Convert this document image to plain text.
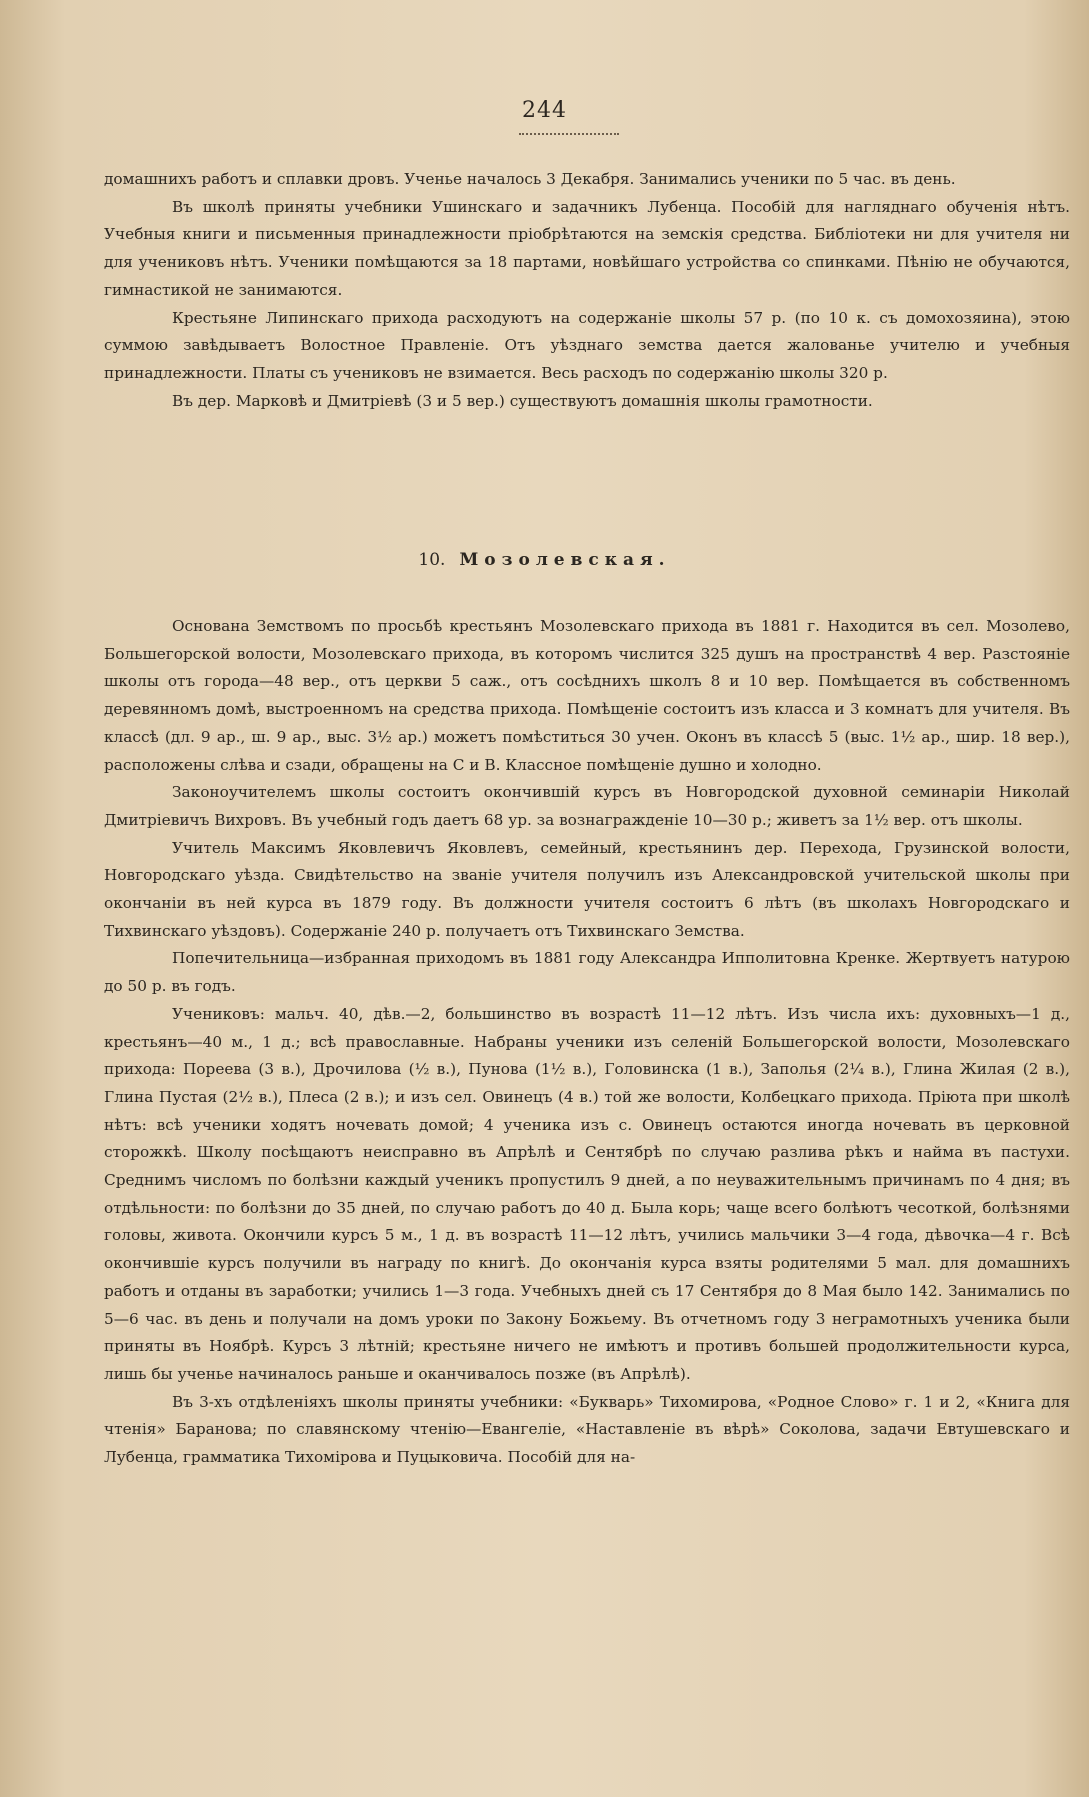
244

домашнихъ работъ и сплавки дровъ. Ученье началось 3 Декабря. Занимались ученики по 5 час. въ день.

Въ школѣ приняты учебники Ушинскаго и задачникъ Лубенца. Пособій для нагляднаго обученія нѣтъ. Учебныя книги и письменныя принадлежности пріобрѣтаются на земскія средства. Библіотеки ни для учителя ни для учениковъ нѣтъ. Ученики помѣщаются за 18 партами, новѣйшаго устройства со спинками. Пѣнію не обучаются, гимнастикой не занимаются.

Крестьяне Липинскаго прихода расходуютъ на содержаніе школы 57 р. (по 10 к. съ домохозяина), этою суммою завѣдываетъ Волостное Правленіе. Отъ уѣзднаго земства дается жалованье учителю и учебныя принадлежности. Платы съ учениковъ не взимается. Весь расходъ по содержанію школы 320 р.

Въ дер. Марковѣ и Дмитріевѣ (3 и 5 вер.) существуютъ домашнія школы грамотности.

10. Мозолевская.

Основана Земствомъ по просьбѣ крестьянъ Мозолевскаго прихода въ 1881 г. Находится въ сел. Мозолево, Большегорской волости, Мозолевскаго прихода, въ которомъ числится 325 душъ на пространствѣ 4 вер. Разстояніе школы отъ города—48 вер., отъ церкви 5 саж., отъ сосѣднихъ школъ 8 и 10 вер. Помѣщается въ собственномъ деревянномъ домѣ, выстроенномъ на средства прихода. Помѣщеніе состоитъ изъ класса и 3 комнатъ для учителя. Въ классѣ (дл. 9 ар., ш. 9 ар., выс. 3½ ар.) можетъ помѣститься 30 учен. Оконъ въ классѣ 5 (выс. 1½ ар., шир. 18 вер.), расположены слѣва и сзади, обращены на С и В. Классное помѣщеніе душно и холодно.

Законоучителемъ школы состоитъ окончившій курсъ въ Новгородской духовной семинаріи Николай Дмитріевичъ Вихровъ. Въ учебный годъ даетъ 68 ур. за вознагражденіе 10—30 р.; живетъ за 1½ вер. отъ школы.

Учитель Максимъ Яковлевичъ Яковлевъ, семейный, крестьянинъ дер. Перехода, Грузинской волости, Новгородскаго уѣзда. Свидѣтельство на званіе учителя получилъ изъ Александровской учительской школы при окончаніи въ ней курса въ 1879 году. Въ должности учителя состоитъ 6 лѣтъ (въ школахъ Новгородскаго и Тихвинскаго уѣздовъ). Содержаніе 240 р. получаетъ отъ Тихвинскаго Земства.

Попечительница—избранная приходомъ въ 1881 году Александра Ипполитовна Кренке. Жертвуетъ натурою до 50 р. въ годъ.

Учениковъ: мальч. 40, дѣв.—2, большинство въ возрастѣ 11—12 лѣтъ. Изъ числа ихъ: духовныхъ—1 д., крестьянъ—40 м., 1 д.; всѣ православные. Набраны ученики изъ селеній Большегорской волости, Мозолевскаго прихода: Пореева (3 в.), Дрочилова (½ в.), Пунова (1½ в.), Головинска (1 в.), Заполья (2¼ в.), Глина Жилая (2 в.), Глина Пустая (2½ в.), Плеса (2 в.); и изъ сел. Овинецъ (4 в.) той же волости, Колбецкаго прихода. Пріюта при школѣ нѣтъ: всѣ ученики ходятъ ночевать домой; 4 ученика изъ с. Овинецъ остаются иногда ночевать въ церковной сторожкѣ. Школу посѣщаютъ неисправно въ Апрѣлѣ и Сентябрѣ по случаю разлива рѣкъ и найма въ пастухи. Среднимъ числомъ по болѣзни каждый ученикъ пропустилъ 9 дней, а по неуважительнымъ причинамъ по 4 дня; въ отдѣльности: по болѣзни до 35 дней, по случаю работъ до 40 д. Была корь; чаще всего болѣютъ чесоткой, болѣзнями головы, живота. Окончили курсъ 5 м., 1 д. въ возрастѣ 11—12 лѣтъ, учились мальчики 3—4 года, дѣвочка—4 г. Всѣ окончившіе курсъ получили въ награду по книгѣ. До окончанія курса взяты родителями 5 мал. для домашнихъ работъ и отданы въ заработки; учились 1—3 года. Учебныхъ дней съ 17 Сентября до 8 Мая было 142. Занимались по 5—6 час. въ день и получали на домъ уроки по Закону Божьему. Въ отчетномъ году 3 неграмотныхъ ученика были приняты въ Ноябрѣ. Курсъ 3 лѣтній; крестьяне ничего не имѣютъ и противъ большей продолжительности курса, лишь бы ученье начиналось раньше и оканчивалось позже (въ Апрѣлѣ).

Въ 3-хъ отдѣленіяхъ школы приняты учебники: «Букварь» Тихомирова, «Родное Слово» г. 1 и 2, «Книга для чтенія» Баранова; по славянскому чтенію—Евангеліе, «Наставленіе въ вѣрѣ» Соколова, задачи Евтушевскаго и Лубенца, грамматика Тихомірова и Пуцыковича. Пособій для на-
